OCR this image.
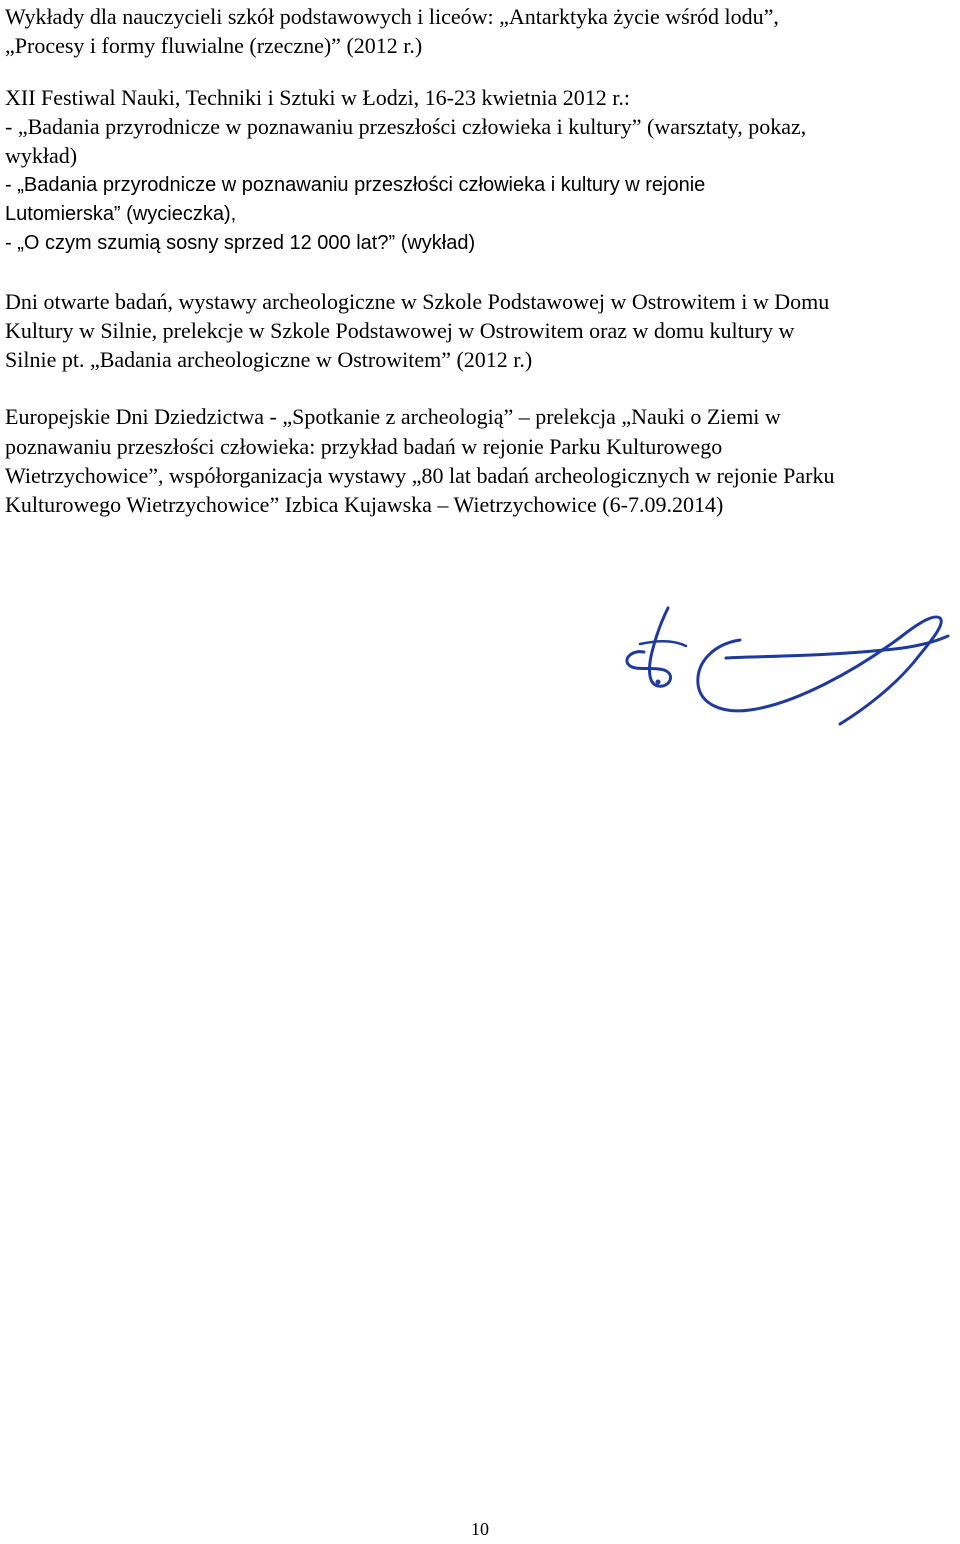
Wykłady dla nauczycieli szkół podstawowych i liceów: „Antarktyka życie wśród lodu”,
„Procesy i formy fluwialne (rzeczne)” (2012 r.)
XII Festiwal Nauki, Techniki i Sztuki w Łodzi, 16-23 kwietnia 2012 r.:
- „Badania przyrodnicze w poznawaniu przeszłości człowieka i kultury” (warsztaty, pokaz,
wykład)
- „Badania przyrodnicze w poznawaniu przeszłości człowieka i kultury w rejonie
Lutomierska” (wycieczka),
- „O czym szumią sosny sprzed 12 000 lat?” (wykład)
Dni otwarte badań, wystawy archeologiczne w Szkole Podstawowej w Ostrowitem i w Domu
Kultury w Silnie, prelekcje w Szkole Podstawowej w Ostrowitem oraz w domu kultury w
Silnie pt. „Badania archeologiczne w Ostrowitem” (2012 r.)
Europejskie Dni Dziedzictwa - „Spotkanie z archeologią” – prelekcja „Nauki o Ziemi w
poznawaniu przeszłości człowieka: przykład badań w rejonie Parku Kulturowego
Wietrzychowice”, współorganizacja wystawy „80 lat badań archeologicznych w rejonie Parku
Kulturowego Wietrzychowice” Izbica Kujawska – Wietrzychowice (6-7.09.2014)
10
